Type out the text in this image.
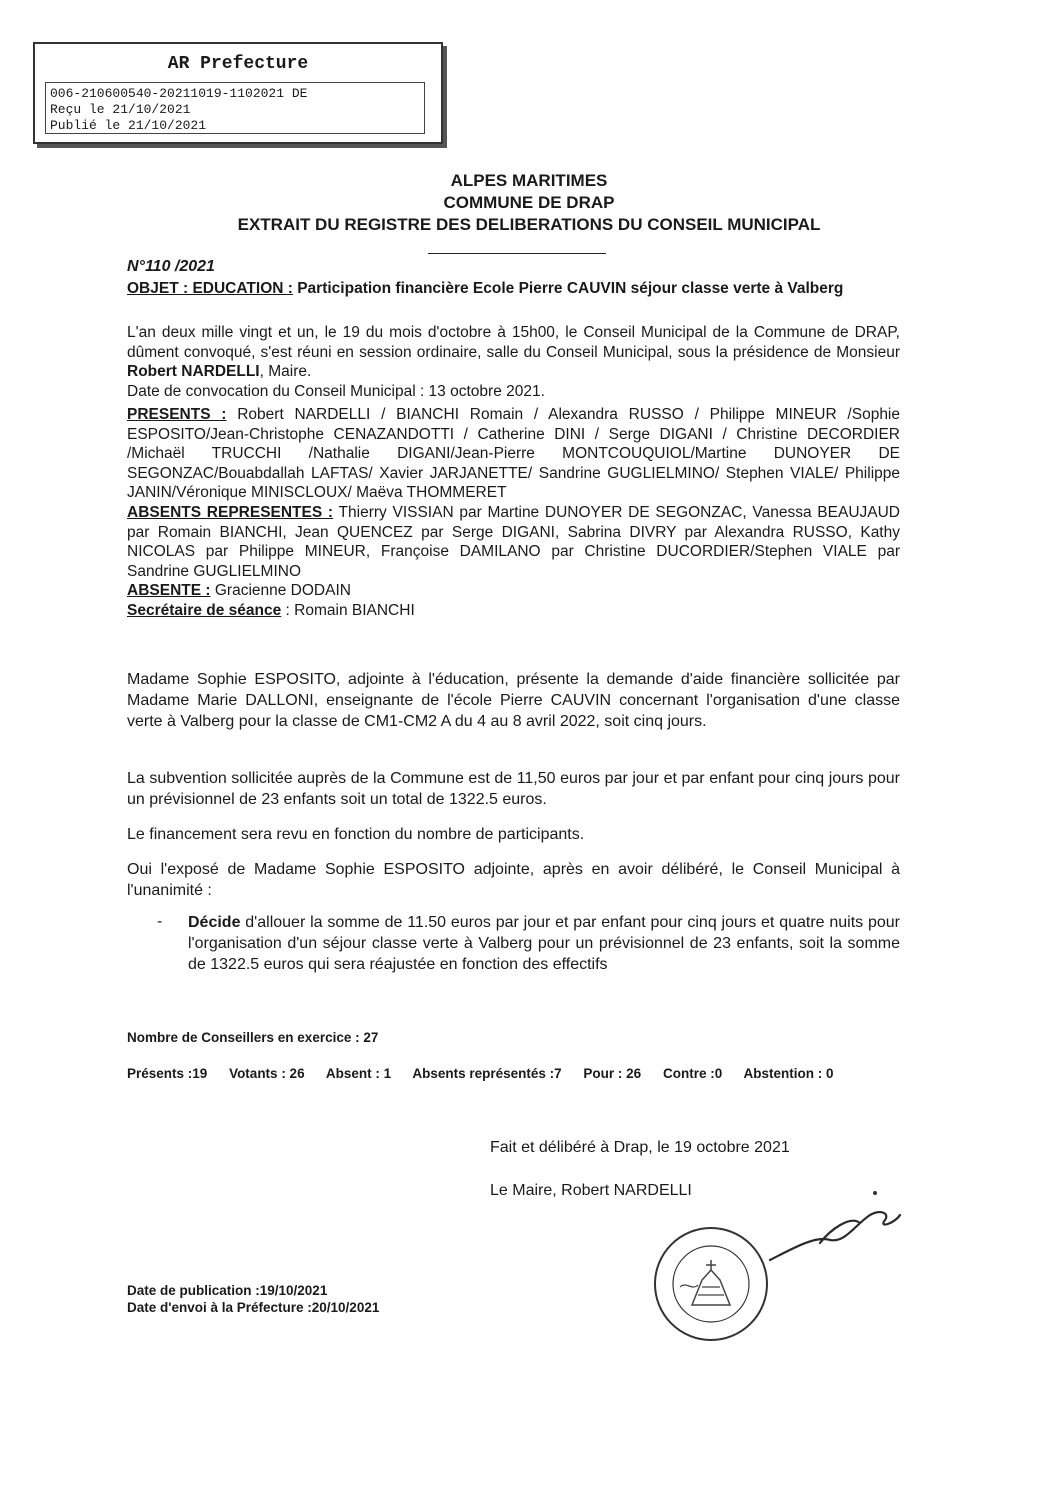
AR Prefecture
006-210600540-20211019-1102021 DE
Reçu le 21/10/2021
Publié le 21/10/2021
ALPES MARITIMES
COMMUNE DE DRAP
EXTRAIT DU REGISTRE DES DELIBERATIONS DU CONSEIL MUNICIPAL
N°110 /2021
OBJET : EDUCATION : Participation financière Ecole Pierre CAUVIN séjour classe verte à Valberg
L'an deux mille vingt et un, le 19 du mois d'octobre à 15h00, le Conseil Municipal de la Commune de DRAP, dûment convoqué, s'est réuni en session ordinaire, salle du Conseil Municipal, sous la présidence de Monsieur Robert NARDELLI, Maire.
Date de convocation du Conseil Municipal : 13 octobre 2021.
PRESENTS : Robert NARDELLI / BIANCHI Romain / Alexandra RUSSO / Philippe MINEUR /Sophie ESPOSITO/Jean-Christophe CENAZANDOTTI / Catherine DINI / Serge DIGANI / Christine DECORDIER /Michaël TRUCCHI /Nathalie DIGANI/Jean-Pierre MONTCOUQUIOL/Martine DUNOYER DE SEGONZAC/Bouabdallah LAFTAS/ Xavier JARJANETTE/ Sandrine GUGLIELMINO/ Stephen VIALE/ Philippe JANIN/Véronique MINISCLOUX/ Maëva THOMMERET
ABSENTS REPRESENTES : Thierry VISSIAN par Martine DUNOYER DE SEGONZAC, Vanessa BEAUJAUD par Romain BIANCHI, Jean QUENCEZ par Serge DIGANI, Sabrina DIVRY par Alexandra RUSSO, Kathy NICOLAS par Philippe MINEUR, Françoise DAMILANO par Christine DUCORDIER/Stephen VIALE par Sandrine GUGLIELMINO
ABSENTE : Gracienne DODAIN
Secrétaire de séance : Romain BIANCHI
Madame Sophie ESPOSITO, adjointe à l'éducation, présente la demande d'aide financière sollicitée par Madame Marie DALLONI, enseignante de l'école Pierre CAUVIN concernant l'organisation d'une classe verte à Valberg pour la classe de CM1-CM2 A du 4 au 8 avril 2022, soit cinq jours.
La subvention sollicitée auprès de la Commune est de 11,50 euros par jour et par enfant pour cinq jours pour un prévisionnel de 23 enfants soit un total de 1322.5 euros.
Le financement sera revu en fonction du nombre de participants.
Oui l'exposé de Madame Sophie ESPOSITO adjointe, après en avoir délibéré, le Conseil Municipal à l'unanimité :
- Décide d'allouer la somme de 11.50 euros par jour et par enfant pour cinq jours et quatre nuits pour l'organisation d'un séjour classe verte à Valberg pour un prévisionnel de 23 enfants, soit la somme de 1322.5 euros qui sera réajustée en fonction des effectifs
Nombre de Conseillers en exercice : 27
Présents :19 Votants : 26 Absent : 1 Absents représentés :7 Pour : 26 Contre :0 Abstention : 0
Fait et délibéré à Drap, le 19 octobre 2021
Le Maire, Robert NARDELLI
Date de publication :19/10/2021
Date d'envoi à la Préfecture :20/10/2021
